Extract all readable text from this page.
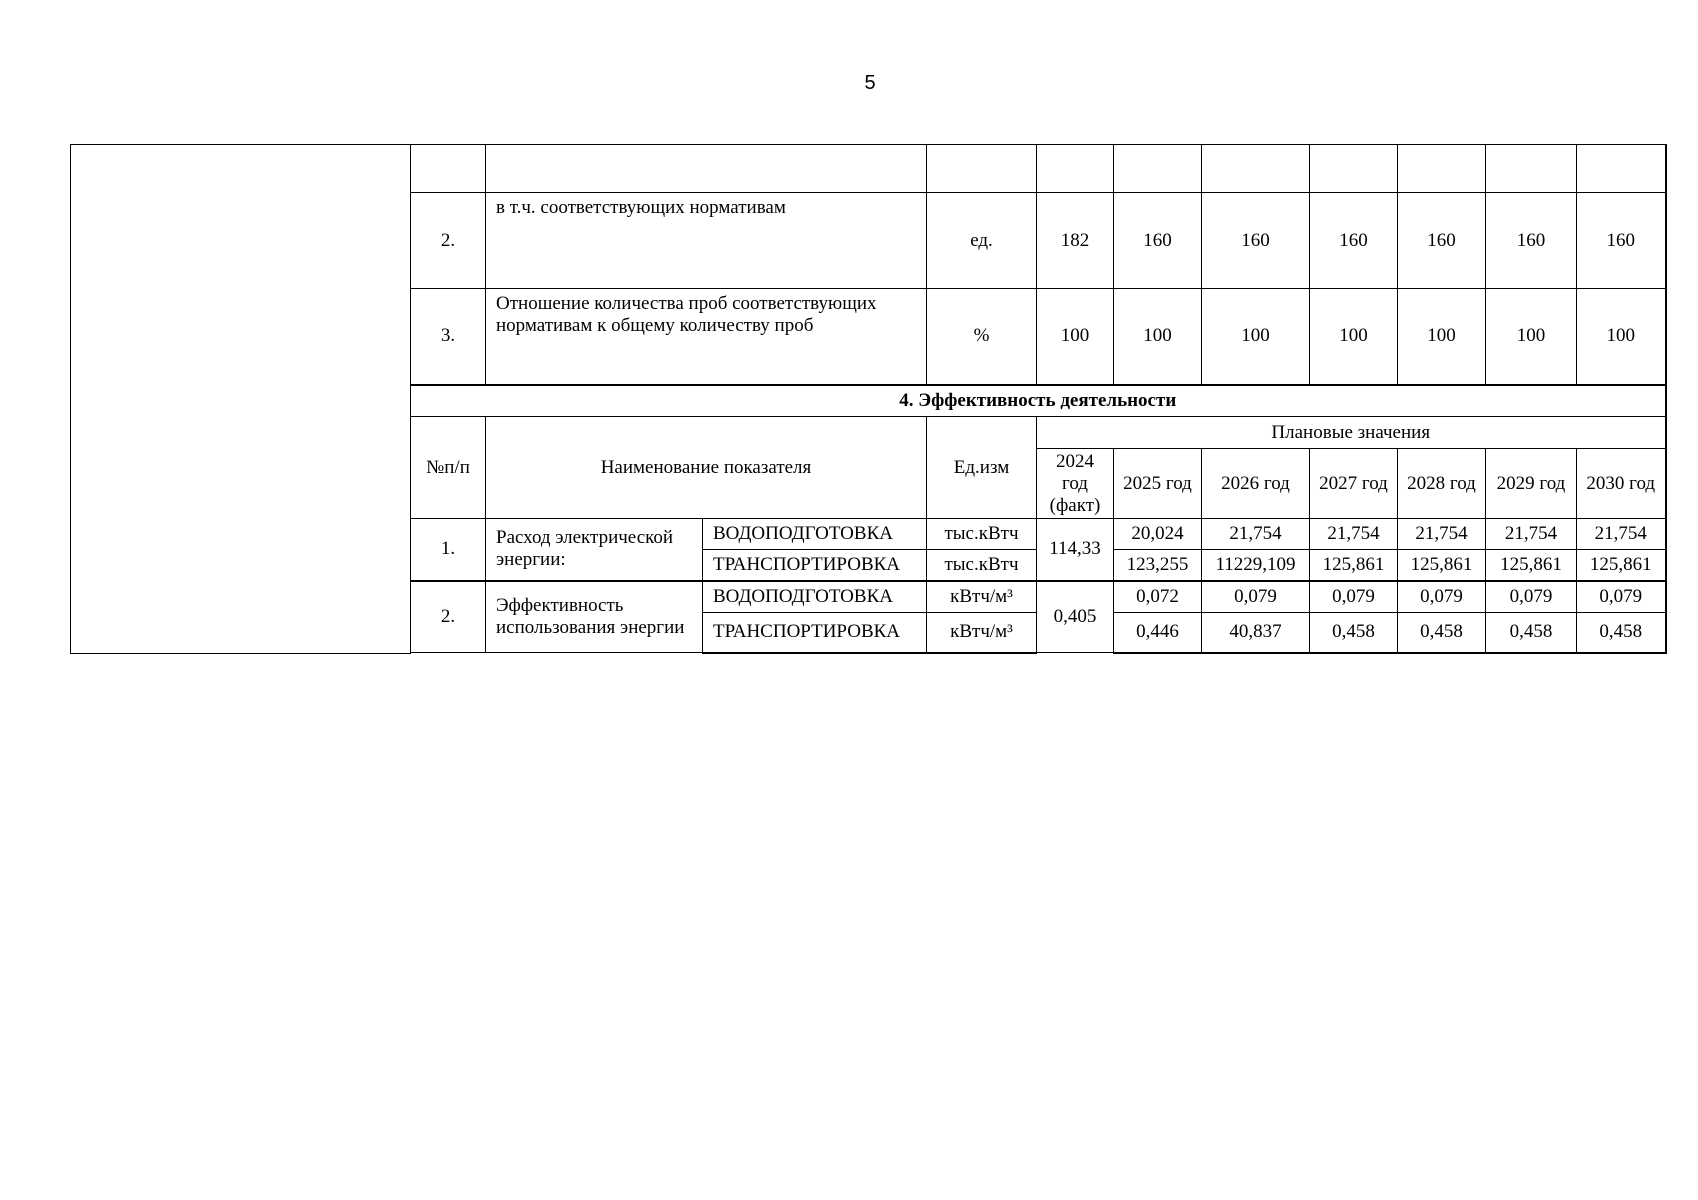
5

2.	в т.ч. соответствующих нормативам		ед.	182	160	160	160	160	160	160
3.	Отношение количества проб соответствующих нормативам к общему количеству проб		%	100	100	100	100	100	100	100
4. Эффективность деятельности										
№п/п	Наименование показателя		Ед.изм	Плановые значения						
				2024 год (факт)	2025 год	2026 год	2027 год	2028 год	2029 год	2030 год
1.	Расход электрической энергии:	ВОДОПОДГОТОВКА	тыс.кВтч	114,33	20,024	21,754	21,754	21,754	21,754	21,754
		ТРАНСПОРТИРОВКА	тыс.кВтч		123,255	11229,109	125,861	125,861	125,861	125,861
2.	Эффективность использования энергии	ВОДОПОДГОТОВКА	кВтч/м³	0,405	0,072	0,079	0,079	0,079	0,079	0,079
		ТРАНСПОРТИРОВКА	кВтч/м³		0,446	40,837	0,458	0,458	0,458	0,458
